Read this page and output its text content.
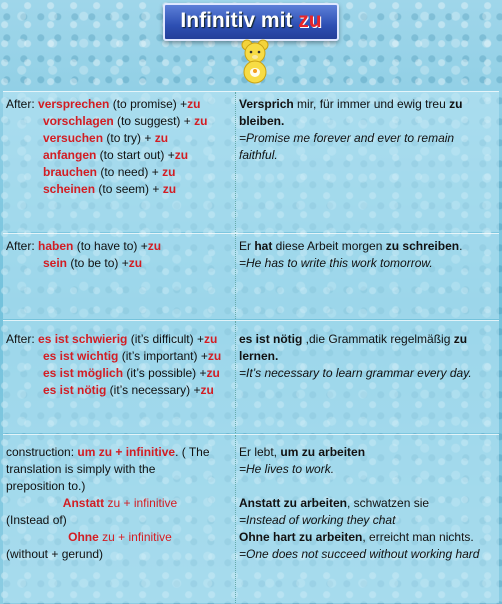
Infinitiv mit zu
After: versprechen (to promise) +zu
vorschlagen (to suggest) + zu
versuchen (to try) + zu
anfangen (to start out) +zu
brauchen (to need) + zu
scheinen (to seem) + zu
Versprich mir, für immer und ewig treu zu
bleiben.
=Promise me forever and ever to remain
faithful.
After: haben (to have to) +zu
sein (to be to) +zu
Er hat diese Arbeit morgen zu schreiben.
=He has to write this work tomorrow.
After: es ist schwierig (it’s difficult) +zu
es ist wichtig (it’s important) +zu
es ist möglich (it’s possible) +zu
es ist nötig (it’s necessary) +zu
es ist nötig ,die Grammatik regelmäßig zu
lernen.
=It’s necessary to learn grammar every day.
construction: um zu + infinitive. ( The
translation is simply with the
preposition to.)
Anstatt zu + infinitive
(Instead of)
Ohne zu + infinitive
(without + gerund)
Er lebt, um zu arbeiten
=He lives to work.
Anstatt zu arbeiten, schwatzen sie
=Instead of working they chat
Ohne hart zu arbeiten, erreicht man nichts.
=One does not succeed without working hard
